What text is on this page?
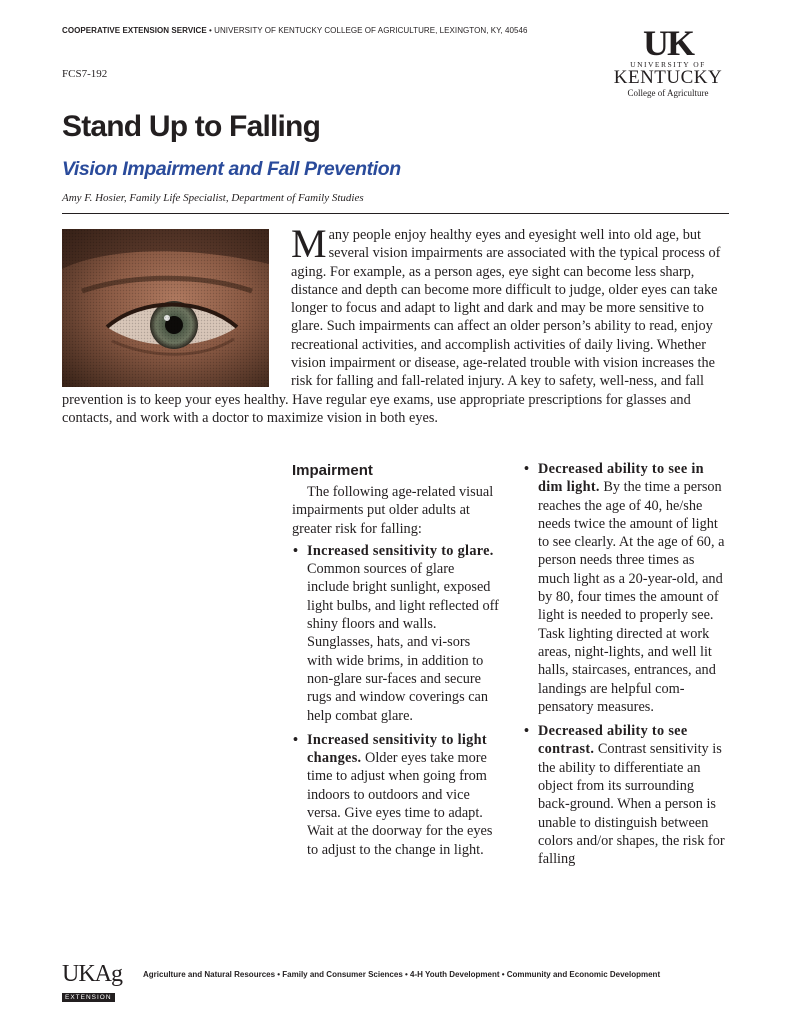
COOPERATIVE EXTENSION SERVICE • UNIVERSITY OF KENTUCKY COLLEGE OF AGRICULTURE, LEXINGTON, KY, 40546
FCS7-192
UK
UNIVERSITY OF
KENTUCKY
College of Agriculture
Stand Up to Falling
Vision Impairment and Fall Prevention
Amy F. Hosier, Family Life Specialist, Department of Family Studies

Many people enjoy healthy eyes and eyesight well into old age, but several vision impairments are associated with the typical process of aging. For example, as a person ages, eye sight can become less sharp, distance and depth can become more difficult to judge, older eyes can take longer to focus and adapt to light and dark and may be more sensitive to glare. Such impairments can affect an older person’s ability to read, enjoy recreational activities, and accomplish activities of daily living. Whether vision impairment or disease, age-related trouble with vision increases the risk for falling and fall-related injury. A key to safety, well-ness, and fall prevention is to keep your eyes healthy. Have regular eye exams, use appropriate prescriptions for glasses and contacts, and work with a doctor to maximize vision in both eyes.

Impairment

The following age-related visual impairments put older adults at greater risk for falling:

• Increased sensitivity to glare. Common sources of glare include bright sunlight, exposed light bulbs, and light reflected off shiny floors and walls. Sunglasses, hats, and vi-sors with wide brims, in addition to non-glare sur-faces and secure rugs and window coverings can help combat glare.
• Increased sensitivity to light changes. Older eyes take more time to adjust when going from indoors to outdoors and vice versa. Give eyes time to adapt. Wait at the doorway for the eyes to adjust to the change in light.
• Decreased ability to see in dim light. By the time a person reaches the age of 40, he/she needs twice the amount of light to see clearly. At the age of 60, a person needs three times as much light as a 20-year-old, and by 80, four times the amount of light is needed to properly see. Task lighting directed at work areas, night-lights, and well lit halls, staircases, entrances, and landings are helpful com-pensatory measures.
• Decreased ability to see contrast. Contrast sensitivity is the ability to differentiate an object from its surrounding back-ground. When a person is unable to distinguish between colors and/or shapes, the risk for falling
UKAg
EXTENSION
Agriculture and Natural Resources • Family and Consumer Sciences • 4-H Youth Development • Community and Economic Development
